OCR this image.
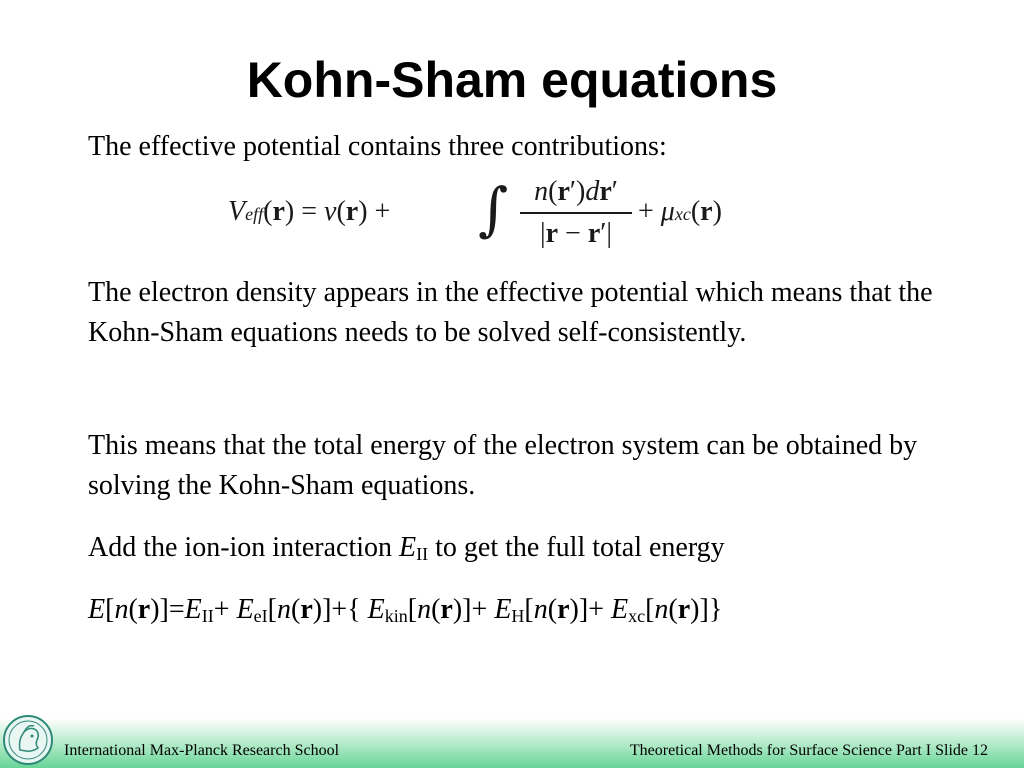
Kohn-Sham equations

The effective potential contains three contributions:

Veff(r) = v(r) + ∫ n(r′)dr′
|r − r′|
+ μxc(r)

The electron density appears in the effective potential which means that the Kohn-Sham equations needs to be solved self-consistently.

This means that the total energy of the electron system can be obtained by solving the Kohn-Sham equations.

Add the ion-ion interaction $E_{II}$ to get the full total energy

$E[n(r)]=E_{II}+ E_{eI}[n(r)]+${ $E_{kin}[n(r)]+ E_H[n(r)]+ E_{xc}[n(r)]$}

International Max-Planck Research School	Theoretical Methods for Surface Science Part I Slide 12
